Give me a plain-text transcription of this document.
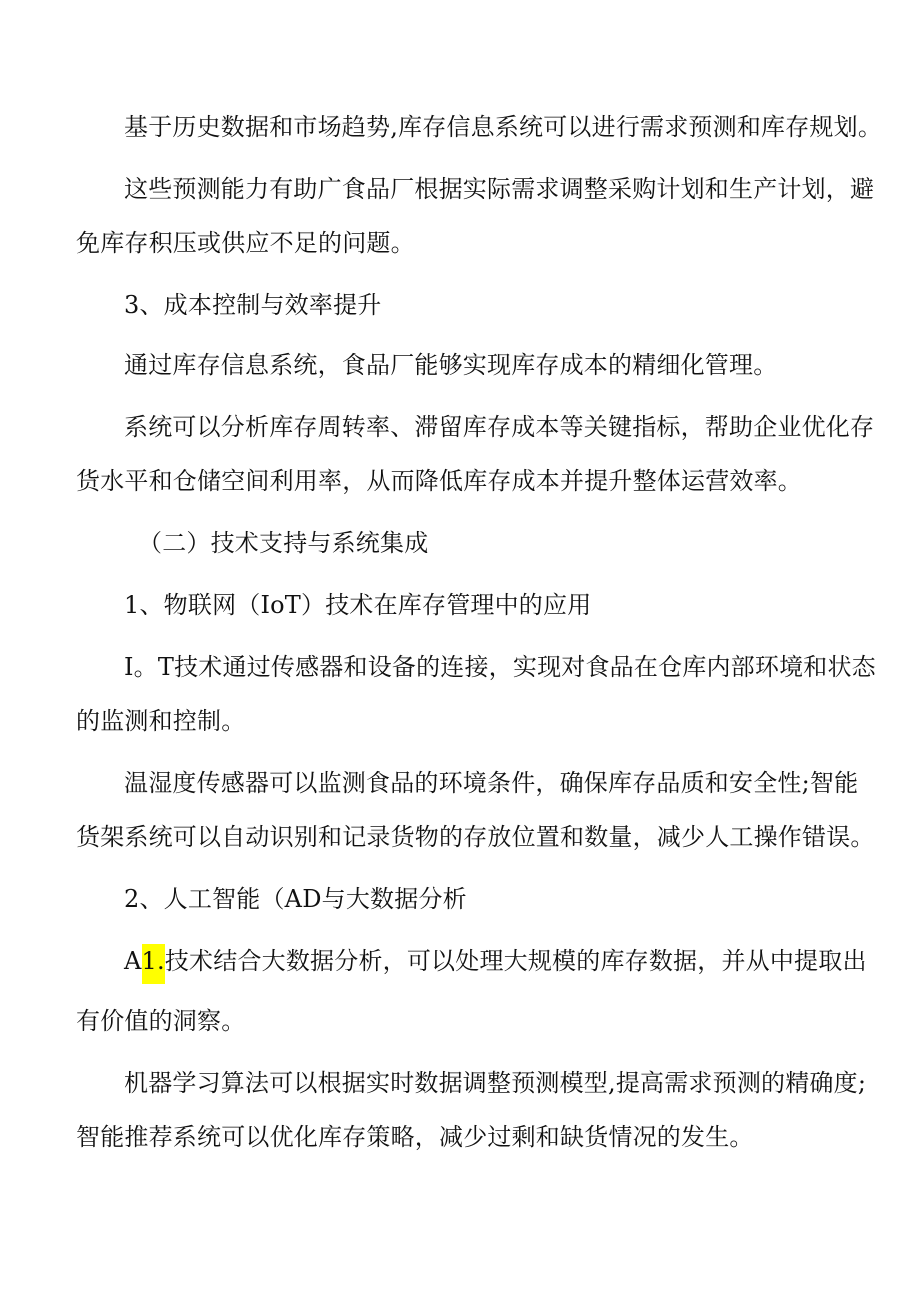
基于历史数据和市场趋势,库存信息系统可以进行需求预测和库存规划。
这些预测能力有助广食品厂根据实际需求调整采购计划和生产计划，避
免库存积压或供应不足的问题。
3、成本控制与效率提升
通过库存信息系统，食品厂能够实现库存成本的精细化管理。
系统可以分析库存周转率、滞留库存成本等关键指标，帮助企业优化存
货水平和仓储空间利用率，从而降低库存成本并提升整体运营效率。
（二）技术支持与系统集成
1、物联网（IoT）技术在库存管理中的应用
I。T技术通过传感器和设备的连接，实现对食品在仓库内部环境和状态
的监测和控制。
温湿度传感器可以监测食品的环境条件，确保库存品质和安全性;智能
货架系统可以自动识别和记录货物的存放位置和数量，减少人工操作错误。
2、人工智能（AD与大数据分析
A1.技术结合大数据分析，可以处理大规模的库存数据，并从中提取出
有价值的洞察。
机器学习算法可以根据实时数据调整预测模型,提高需求预测的精确度;
智能推荐系统可以优化库存策略，减少过剩和缺货情况的发生。
